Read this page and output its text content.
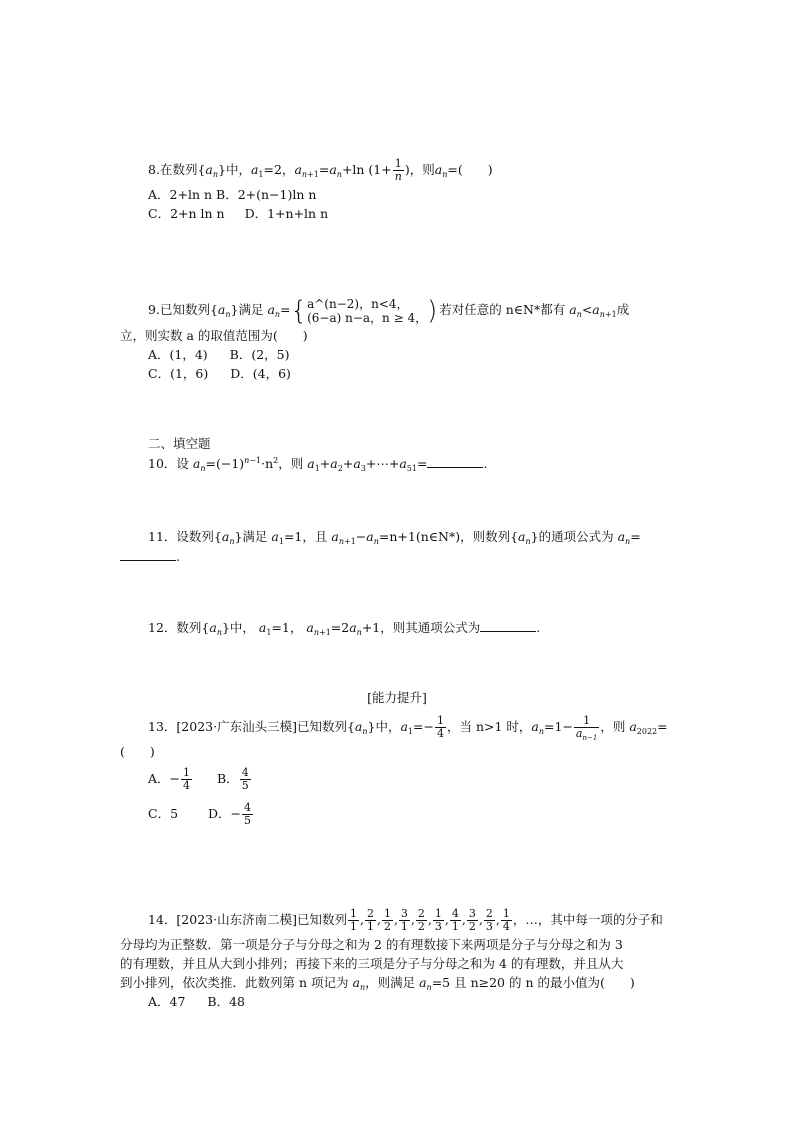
8.在数列$\{a_n\}$中，$a_1=2$，$a_{n+1}=a_n+\ln$ ($1+ \frac{1}{n}$ )，则$a_n=$(　　)
A．2+ln n B．2+(n−1)ln n
C．2+n ln n D．1+n+ln n
9.已知数列$\{a_n\}$满足 $a_n=${ a^(n−2)，n<4，
(6−a) n−a，n ≥ 4， ) 若对任意的 n∈N*都有 $a_n<a_{n+1}$成
立，则实数 a 的取值范围为(　　)
A．(1，4) B．(2，5)
C．(1，6) D．(4，6)
二、填空题
10．设 $a_n=(-1)^{n-1}\cdot n^2$，则 $a_1+a_2+a_3+\cdots+a_{51}=$	.
11．设数列$\{a_n\}$满足 $a_1=1$，且 $a_{n+1}-a_n=n+1(n\in N*)$，则数列$\{a_n\}$的通项公式为 $a_n=$
.
12．数列$\{a_n\}$中， $a_1=1$， $a_{n+1}=2a_n+1$，则其通项公式为	.
[能力提升]
13．[2023·广东汕头三模]已知数列$\{a_n\}$中，$a_1=- \frac{1}{4}$ ，当 n>1 时，$a_n=1- \frac{1}{a_{n-1}}$ ，则 $a_{2022}=$
(　　)
A．− $\frac{1}{4}$ B． $\frac{4}{5}$
C．5 D．− $\frac{4}{5}$
14．[2023·山东济南二模]已知数列 $\frac{1}{1}$ , $\frac{2}{1}$ , $\frac{1}{2}$ , $\frac{3}{1}$ , $\frac{2}{2}$ , $\frac{1}{3}$ , $\frac{4}{1}$ , $\frac{3}{2}$ , $\frac{2}{3}$ , $\frac{1}{4}$ ，…，其中每一项的分子和
分母均为正整数．第一项是分子与分母之和为 2 的有理数接下来两项是分子与分母之和为 3
的有理数，并且从大到小排列；再接下来的三项是分子与分母之和为 4 的有理数，并且从大
到小排列，依次类推．此数列第 n 项记为 $a_n$，则满足 $a_n=5$ 且 n≥20 的 n 的最小值为(　　)
A．47 B．48
